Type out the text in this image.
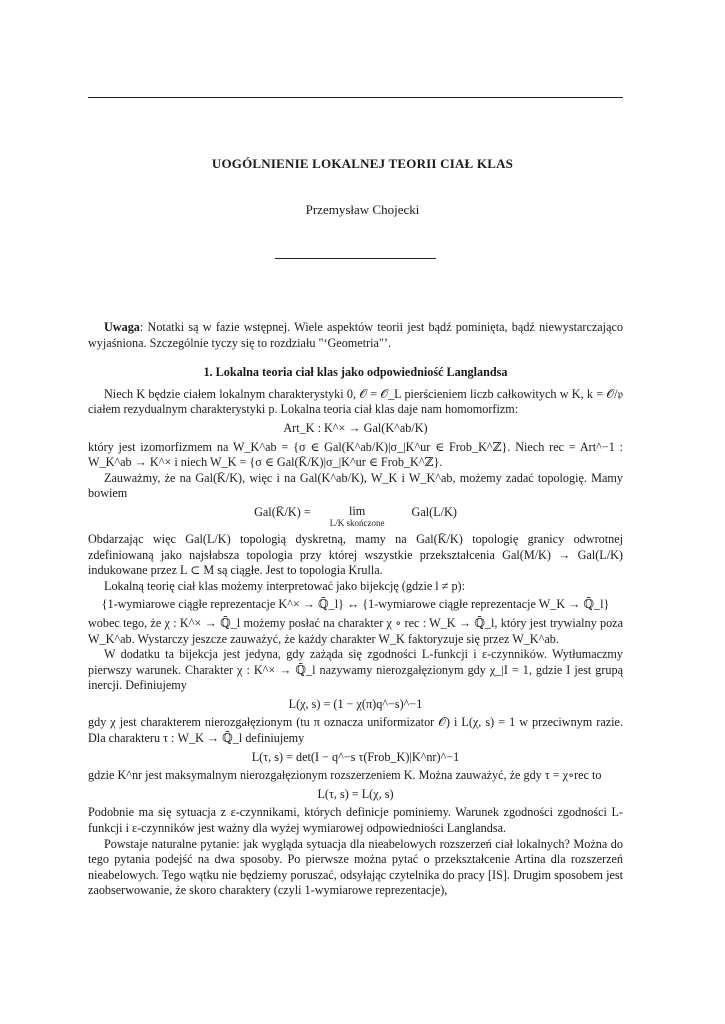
UOGÓLNIENIE LOKALNEJ TEORII CIAŁ KLAS
Przemysław Chojecki

Uwaga: Notatki są w fazie wstępnej. Wiele aspektów teorii jest bądź pominięta, bądź niewystarczająco wyjaśniona. Szczególnie tyczy się to rozdziału "‘Geometria"’.

1. Lokalna teoria ciał klas jako odpowiedniość Langlandsa

Niech K będzie ciałem lokalnym charakterystyki 0, 𝒪 = 𝒪_L pierścieniem liczb całkowitych w K, k = 𝒪/𝔭 ciałem rezydualnym charakterystyki p. Lokalna teoria ciał klas daje nam homomorfizm:

Art_K : K^× → Gal(K^ab/K)

który jest izomorfizmem na W_K^ab = {σ ∈ Gal(K^ab/K)|σ_|K^ur ∈ Frob_K^ℤ}. Niech rec = Art^−1 : W_K^ab → K^× i niech W_K = {σ ∈ Gal(K̄/K)|σ_|K^ur ∈ Frob_K^ℤ}.

Zauważmy, że na Gal(K̄/K), więc i na Gal(K^ab/K), W_K i W_K^ab, możemy zadać topologię. Mamy bowiem

Gal(K̄/K) =	lim
L/K skończone
Gal(L/K)

Obdarzając więc Gal(L/K) topologią dyskretną, mamy na Gal(K̄/K) topologię granicy odwrotnej zdefiniowaną jako najsłabsza topologia przy której wszystkie przekształcenia Gal(M/K) → Gal(L/K) indukowane przez L ⊂ M są ciągłe. Jest to topologia Krulla.

Lokalną teorię ciał klas możemy interpretować jako bijekcję (gdzie l ≠ p):

{1-wymiarowe ciągłe reprezentacje K^× → ℚ̄_l} ↔ {1-wymiarowe ciągłe reprezentacje W_K → ℚ̄_l}

wobec tego, że χ : K^× → ℚ̄_l możemy posłać na charakter χ ∘ rec : W_K → ℚ̄_l, który jest trywialny poza W_K^ab. Wystarczy jeszcze zauważyć, że każdy charakter W_K faktoryzuje się przez W_K^ab.

W dodatku ta bijekcja jest jedyna, gdy zażąda się zgodności L-funkcji i ε-czynników. Wytłumaczmy pierwszy warunek. Charakter χ : K^× → ℚ̄_l nazywamy nierozgałęzionym gdy χ_|I = 1, gdzie I jest grupą inercji. Definiujemy

L(χ, s) = (1 − χ(π)q^−s)^−1

gdy χ jest charakterem nierozgałęzionym (tu π oznacza uniformizator 𝒪) i L(χ, s) = 1 w przeciwnym razie. Dla charakteru τ : W_K → ℚ̄_l definiujemy

L(τ, s) = det(I − q^−s τ(Frob_K)|K^nr)^−1

gdzie K^nr jest maksymalnym nierozgałęzionym rozszerzeniem K. Można zauważyć, że gdy τ = χ∘rec to

L(τ, s) = L(χ, s)

Podobnie ma się sytuacja z ε-czynnikami, których definicje pominiemy. Warunek zgodności zgodności L-funkcji i ε-czynników jest ważny dla wyżej wymiarowej odpowiedniości Langlandsa.

Powstaje naturalne pytanie: jak wygląda sytuacja dla nieabelowych rozszerzeń ciał lokalnych? Można do tego pytania podejść na dwa sposoby. Po pierwsze można pytać o przekształcenie Artina dla rozszerzeń nieabelowych. Tego wątku nie będziemy poruszać, odsyłając czytelnika do pracy [IS]. Drugim sposobem jest zaobserwowanie, że skoro charaktery (czyli 1-wymiarowe reprezentacje),
